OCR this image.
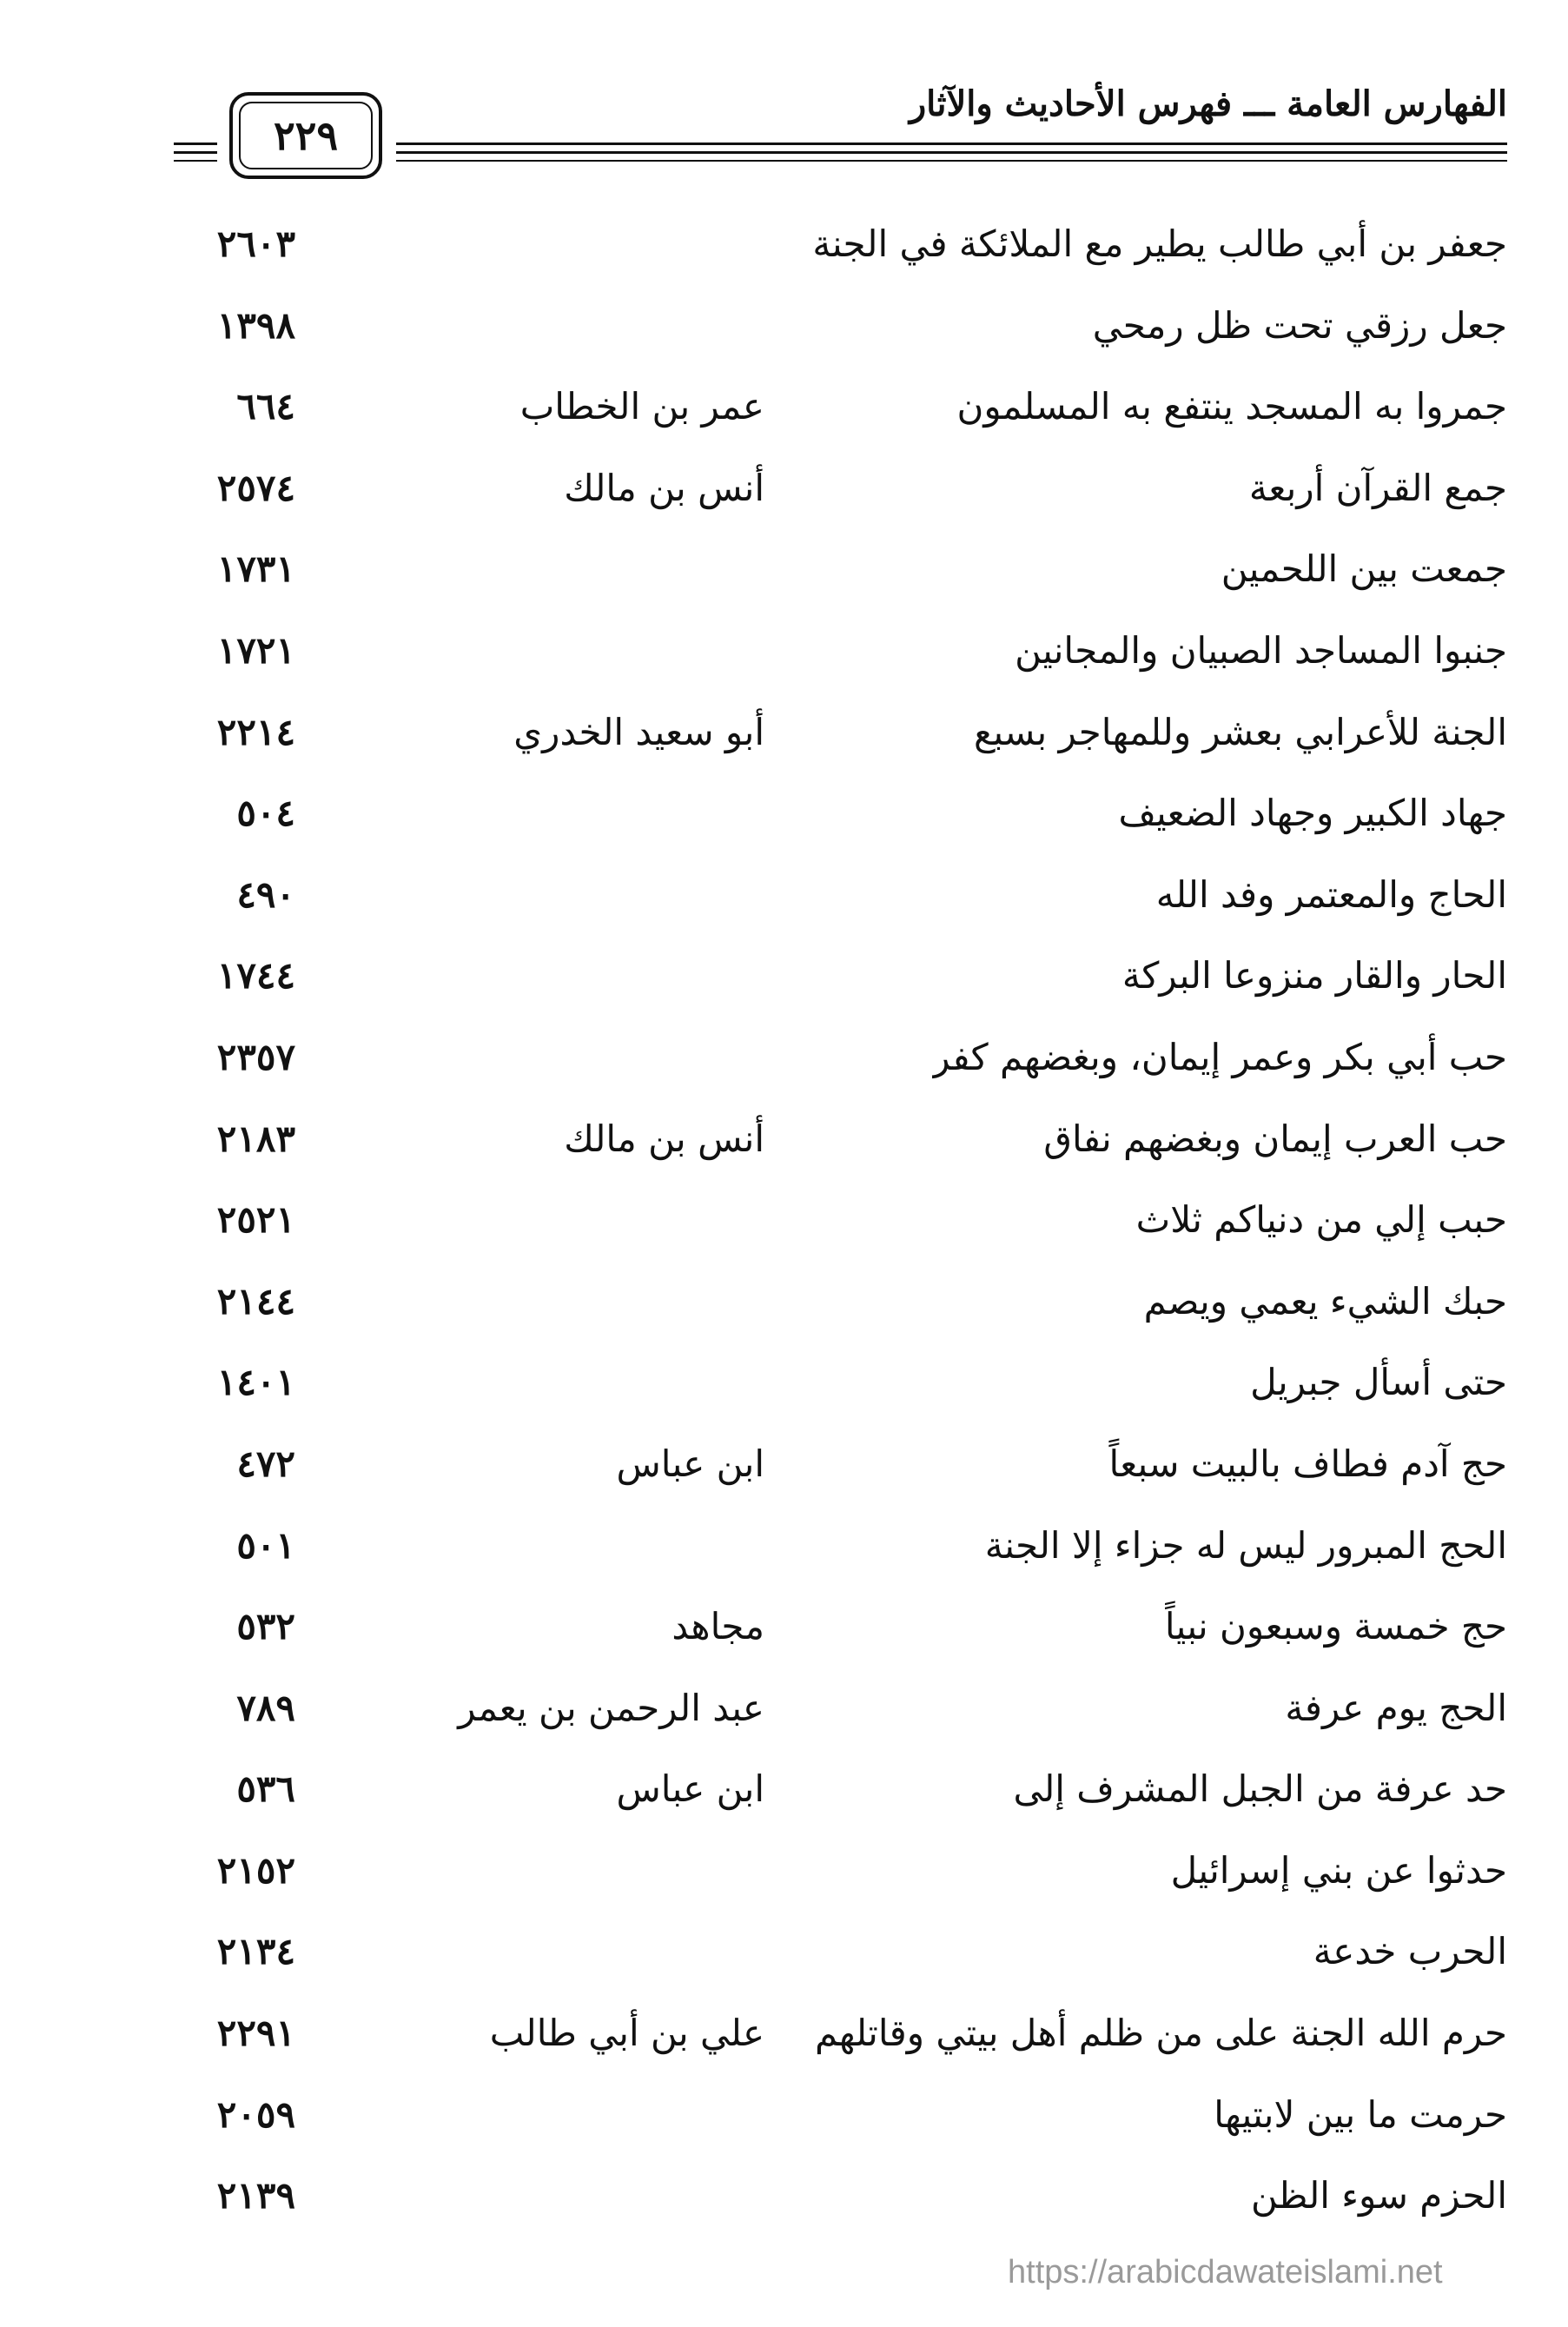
الفهارس العامة ـــ فهرس الأحاديث والآثار
٢٢٩
جعفر بن أبي طالب يطير مع الملائكة في الجنة
٢٦٠٣
جعل رزقي تحت ظل رمحي
١٣٩٨
جمروا به المسجد ينتفع به المسلمون
عمر بن الخطاب
٦٦٤
جمع القرآن أربعة
أنس بن مالك
٢٥٧٤
جمعت بين اللحمين
١٧٣١
جنبوا المساجد الصبيان والمجانين
١٧٢١
الجنة للأعرابي بعشر وللمهاجر بسبع
أبو سعيد الخدري
٢٢١٤
جهاد الكبير وجهاد الضعيف
٥٠٤
الحاج والمعتمر وفد الله
٤٩٠
الحار والقار منزوعا البركة
١٧٤٤
حب أبي بكر وعمر إيمان، وبغضهم كفر
٢٣٥٧
حب العرب إيمان وبغضهم نفاق
أنس بن مالك
٢١٨٣
حبب إلي من دنياكم ثلاث
٢٥٢١
حبك الشيء يعمي ويصم
٢١٤٤
حتى أسأل جبريل
١٤٠١
حج آدم فطاف بالبيت سبعاً
ابن عباس
٤٧٢
الحج المبرور ليس له جزاء إلا الجنة
٥٠١
حج خمسة وسبعون نبياً
مجاهد
٥٣٢
الحج يوم عرفة
عبد الرحمن بن يعمر
٧٨٩
حد عرفة من الجبل المشرف إلى
ابن عباس
٥٣٦
حدثوا عن بني إسرائيل
٢١٥٢
الحرب خدعة
٢١٣٤
حرم الله الجنة على من ظلم أهل بيتي وقاتلهم
علي بن أبي طالب
٢٢٩١
حرمت ما بين لابتيها
٢٠٥٩
الحزم سوء الظن
٢١٣٩
https://arabicdawateislami.net
